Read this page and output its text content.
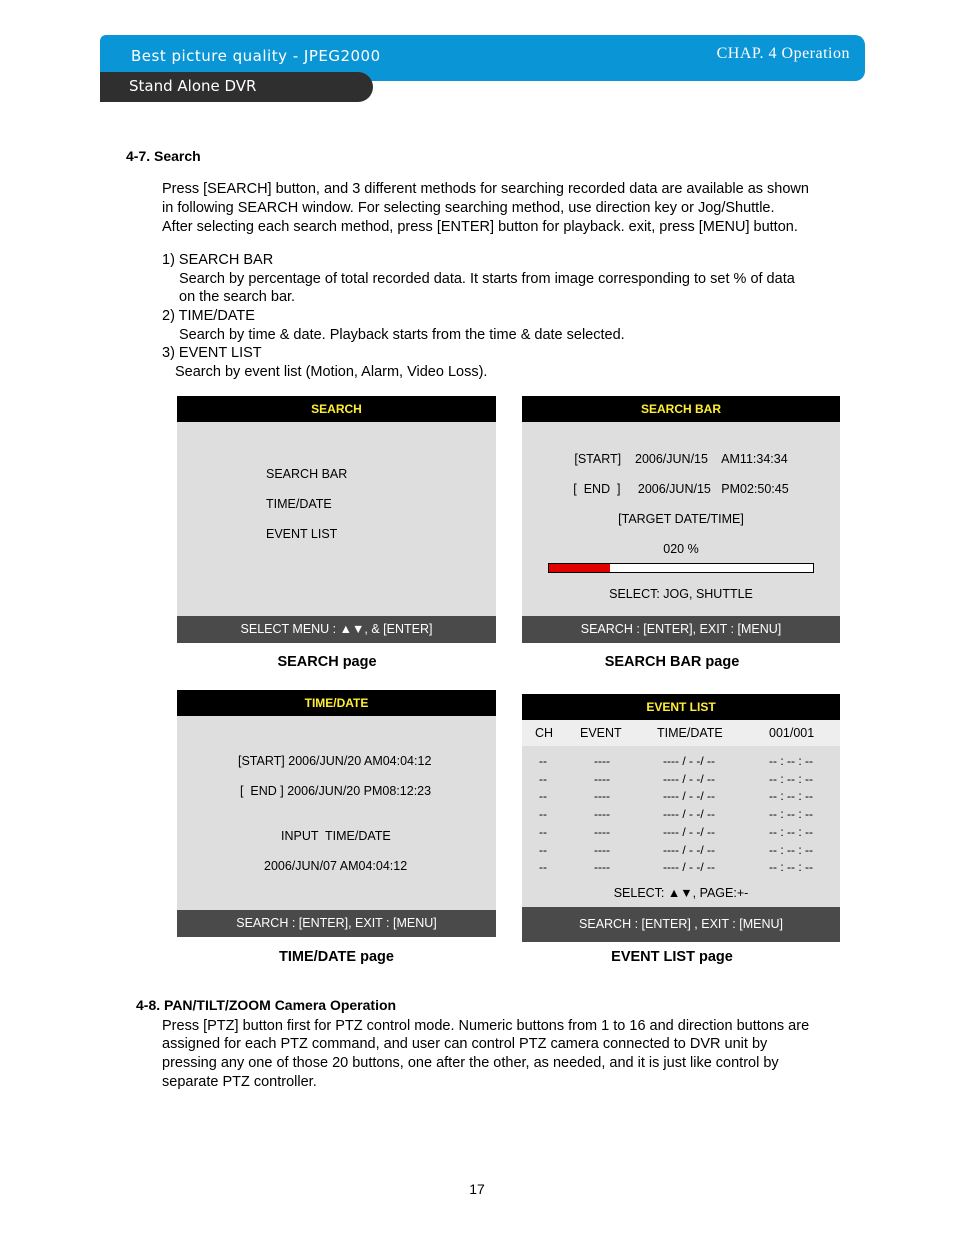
Best picture quality - JPEG2000	CHAP. 4 Operation
Stand Alone DVR
4-7. Search
Press [SEARCH] button, and 3 different methods for searching recorded data are available as shown
in following SEARCH window. For selecting searching method, use direction key or Jog/Shuttle.
After selecting each search method, press [ENTER] button for playback. exit, press [MENU] button.
1) SEARCH BAR
Search by percentage of total recorded data. It starts from image corresponding to set % of data
on the search bar.
2) TIME/DATE
Search by time & date. Playback starts from the time & date selected.
3) EVENT LIST
Search by event list (Motion, Alarm, Video Loss).
SEARCH
SEARCH BAR
TIME/DATE
EVENT LIST
SELECT MENU : ▲▼, & [ENTER]
SEARCH page
SEARCH BAR
[START]    2006/JUN/15    AM11:34:34
[  END  ]     2006/JUN/15   PM02:50:45
[TARGET DATE/TIME]
020 %
SELECT: JOG, SHUTTLE
SEARCH : [ENTER], EXIT : [MENU]
SEARCH BAR page
TIME/DATE
[START] 2006/JUN/20 AM04:04:12
[  END ] 2006/JUN/20 PM08:12:23
INPUT  TIME/DATE
2006/JUN/07 AM04:04:12
SEARCH : [ENTER], EXIT : [MENU]
TIME/DATE page
EVENT LIST
CH EVENT	TIME/DATE	001/001
--	----	---- / - -/ --	-- : -- : --
--	----	---- / - -/ --	-- : -- : --
--	----	---- / - -/ --	-- : -- : --
--	----	---- / - -/ --	-- : -- : --
--	----	---- / - -/ --	-- : -- : --
--	----	---- / - -/ --	-- : -- : --
--	----	---- / - -/ --	-- : -- : --
SELECT: ▲▼, PAGE:+-
SEARCH : [ENTER] , EXIT : [MENU]
EVENT LIST page
4-8. PAN/TILT/ZOOM Camera Operation
Press [PTZ] button first for PTZ control mode. Numeric buttons from 1 to 16 and direction buttons are
assigned for each PTZ command, and user can control PTZ camera connected to DVR unit by
pressing any one of those 20 buttons, one after the other, as needed, and it is just like control by
separate PTZ controller.
17
